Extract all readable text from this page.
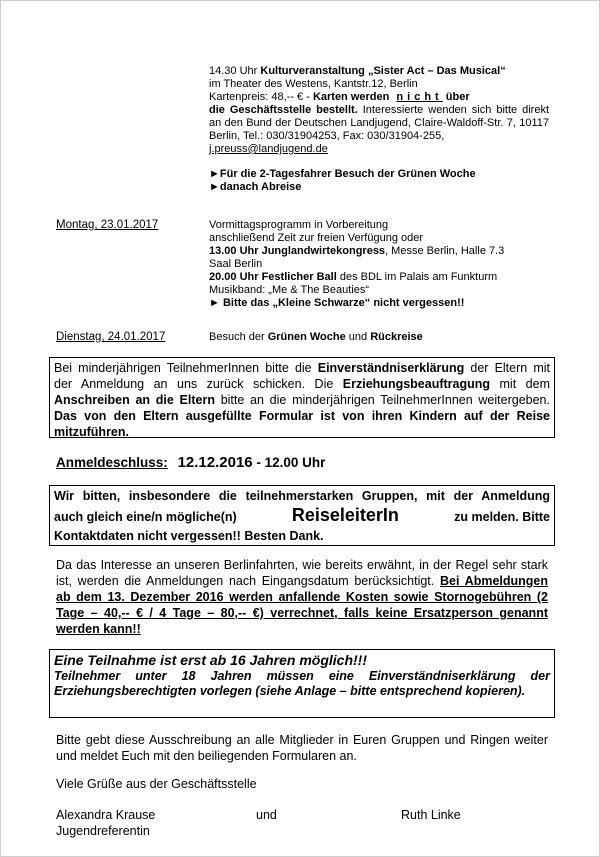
14.30 Uhr Kulturveranstaltung „Sister Act – Das Musical“
im Theater des Westens, Kantstr.12, Berlin
Kartenpreis: 48,-- € - Karten werden nicht über
die Geschäftsstelle bestellt. Interessierte wenden sich bitte direkt an den Bund der Deutschen Landjugend, Claire-Waldoff-Str. 7, 10117 Berlin, Tel.: 030/31904253, Fax: 030/31904-255,
j.preuss@landjugend.de
►Für die 2-Tagesfahrer Besuch der Grünen Woche
►danach Abreise
Montag, 23.01.2017	Vormittagsprogramm in Vorbereitung
anschließend Zeit zur freien Verfügung oder
13.00 Uhr Junglandwirtekongress, Messe Berlin, Halle 7.3
Saal Berlin
20.00 Uhr Festlicher Ball des BDL im Palais am Funkturm
Musikband: „Me & The Beauties“
► Bitte das „Kleine Schwarze“ nicht vergessen!!
Dienstag, 24.01.2017	Besuch der Grünen Woche und Rückreise
Bei minderjährigen TeilnehmerInnen bitte die Einverständniserklärung der Eltern mit der Anmeldung an uns zurück schicken. Die Erziehungsbeauftragung mit dem Anschreiben an die Eltern bitte an die minderjährigen TeilnehmerInnen weitergeben. Das von den Eltern ausgefüllte Formular ist von ihren Kindern auf der Reise mitzuführen.
Anmeldeschluss: 12.12.2016 - 12.00 Uhr
Wir bitten, insbesondere die teilnehmerstarken Gruppen, mit der Anmeldung
auch gleich eine/n mögliche(n)	ReiseleiterIn	zu melden. Bitte
Kontaktdaten nicht vergessen!! Besten Dank.
Da das Interesse an unseren Berlinfahrten, wie bereits erwähnt, in der Regel sehr stark ist, werden die Anmeldungen nach Eingangsdatum berücksichtigt. Bei Abmeldungen ab dem 13. Dezember 2016 werden anfallende Kosten sowie Stornogebühren (2 Tage – 40,-- € / 4 Tage – 80,-- €) verrechnet, falls keine Ersatzperson genannt werden kann!!
Eine Teilnahme ist erst ab 16 Jahren möglich!!!
Teilnehmer unter 18 Jahren müssen eine Einverständniserklärung der Erziehungsberechtigten vorlegen (siehe Anlage – bitte entsprechend kopieren).
Bitte gebt diese Ausschreibung an alle Mitglieder in Euren Gruppen und Ringen weiter und meldet Euch mit den beiliegenden Formularen an.
Viele Grüße aus der Geschäftsstelle
Alexandra Krause	und	Ruth Linke
Jugendreferentin
